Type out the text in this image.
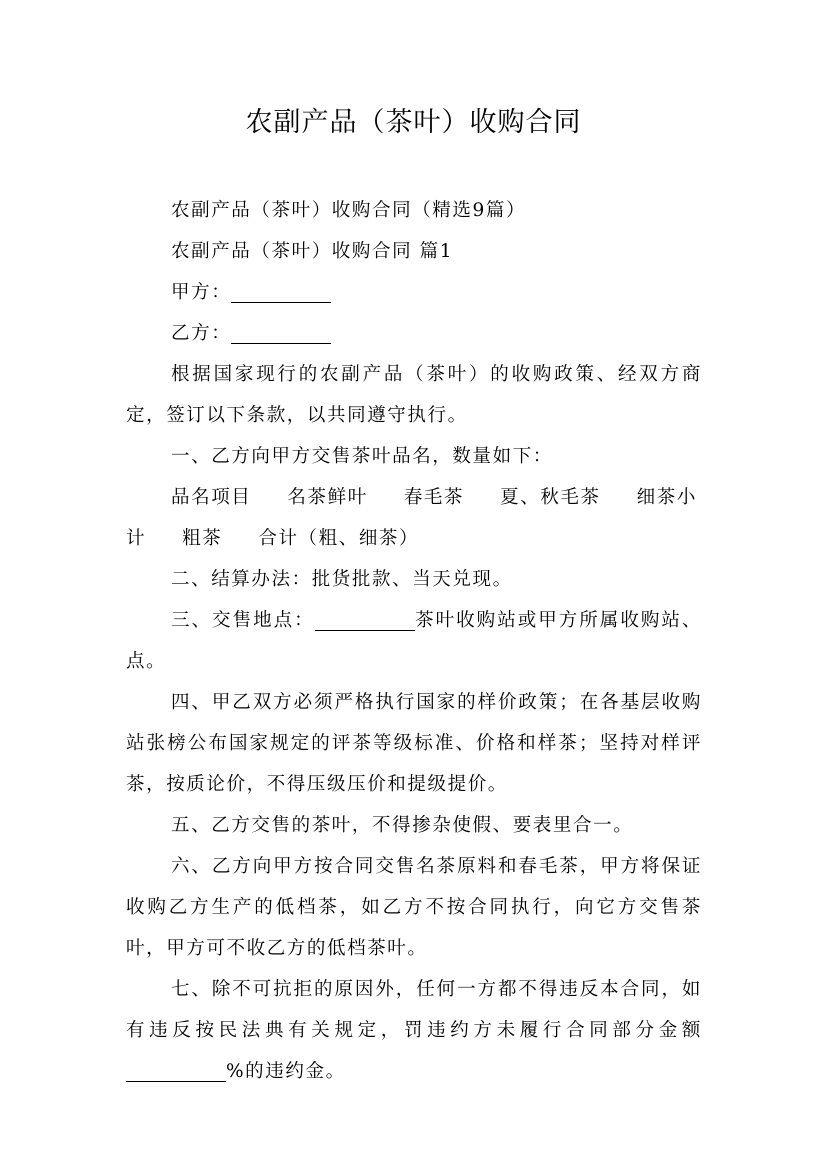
农副产品（茶叶）收购合同

农副产品（茶叶）收购合同（精选9篇）

农副产品（茶叶）收购合同 篇1

甲方：

乙方：

根据国家现行的农副产品（茶叶）的收购政策、经双方商定，签订以下条款，以共同遵守执行。

一、乙方向甲方交售茶叶品名，数量如下：

品名项目 名茶鲜叶 春毛茶 夏、秋毛茶 细茶小计 粗茶 合计（粗、细茶）

二、结算办法：批货批款、当天兑现。

三、交售地点：	茶叶收购站或甲方所属收购站、点。

四、甲乙双方必须严格执行国家的样价政策；在各基层收购站张榜公布国家规定的评茶等级标准、价格和样茶；坚持对样评茶，按质论价，不得压级压价和提级提价。

五、乙方交售的茶叶，不得掺杂使假、要表里合一。

六、乙方向甲方按合同交售名茶原料和春毛茶，甲方将保证收购乙方生产的低档茶，如乙方不按合同执行，向它方交售茶叶，甲方可不收乙方的低档茶叶。

七、除不可抗拒的原因外，任何一方都不得违反本合同，如有违反按民法典有关规定，罚违约方未履行合同部分金额%的违约金。
